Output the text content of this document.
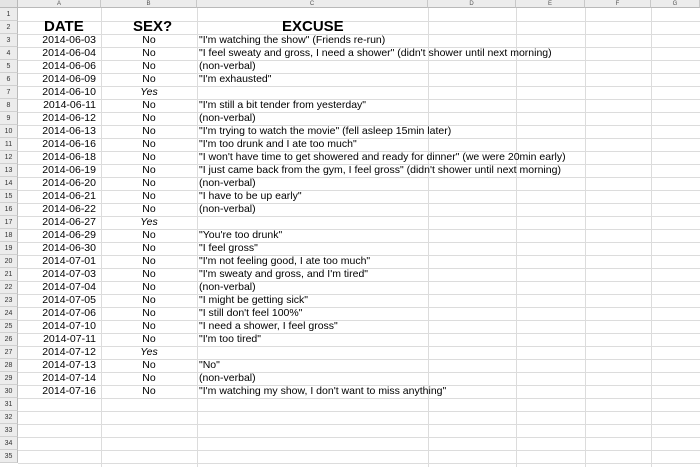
A	B	C	D	E	F	G
1
2
3
4
5
6
7
8
9
10
11
12
13
14
15
16
17
18
19
20
21
22
23
24
25
26
27
28
29
30
31
32
33
34
35
DATE	SEX?	EXCUSE
2014-06-03	No	"I'm watching the show" (Friends re-run)
2014-06-04	No	"I feel sweaty and gross, I need a shower" (didn't shower until next morning)
2014-06-06	No	(non-verbal)
2014-06-09	No	"I'm exhausted"
2014-06-10	Yes
2014-06-11	No	"I'm still a bit tender from yesterday"
2014-06-12	No	(non-verbal)
2014-06-13	No	"I'm trying to watch the movie" (fell asleep 15min later)
2014-06-16	No	"I'm too drunk and I ate too much"
2014-06-18	No	"I won't have time to get showered and ready for dinner" (we were 20min early)
2014-06-19	No	"I just came back from the gym, I feel gross" (didn't shower until next morning)
2014-06-20	No	(non-verbal)
2014-06-21	No	"I have to be up early"
2014-06-22	No	(non-verbal)
2014-06-27	Yes
2014-06-29	No	"You're too drunk"
2014-06-30	No	"I feel gross"
2014-07-01	No	"I'm not feeling good, I ate too much"
2014-07-03	No	"I'm sweaty and gross, and I'm tired"
2014-07-04	No	(non-verbal)
2014-07-05	No	"I might be getting sick"
2014-07-06	No	"I still don't feel 100%"
2014-07-10	No	"I need a shower, I feel gross"
2014-07-11	No	"I'm too tired"
2014-07-12	Yes
2014-07-13	No	"No"
2014-07-14	No	(non-verbal)
2014-07-16	No	"I'm watching my show, I don't want to miss anything"
